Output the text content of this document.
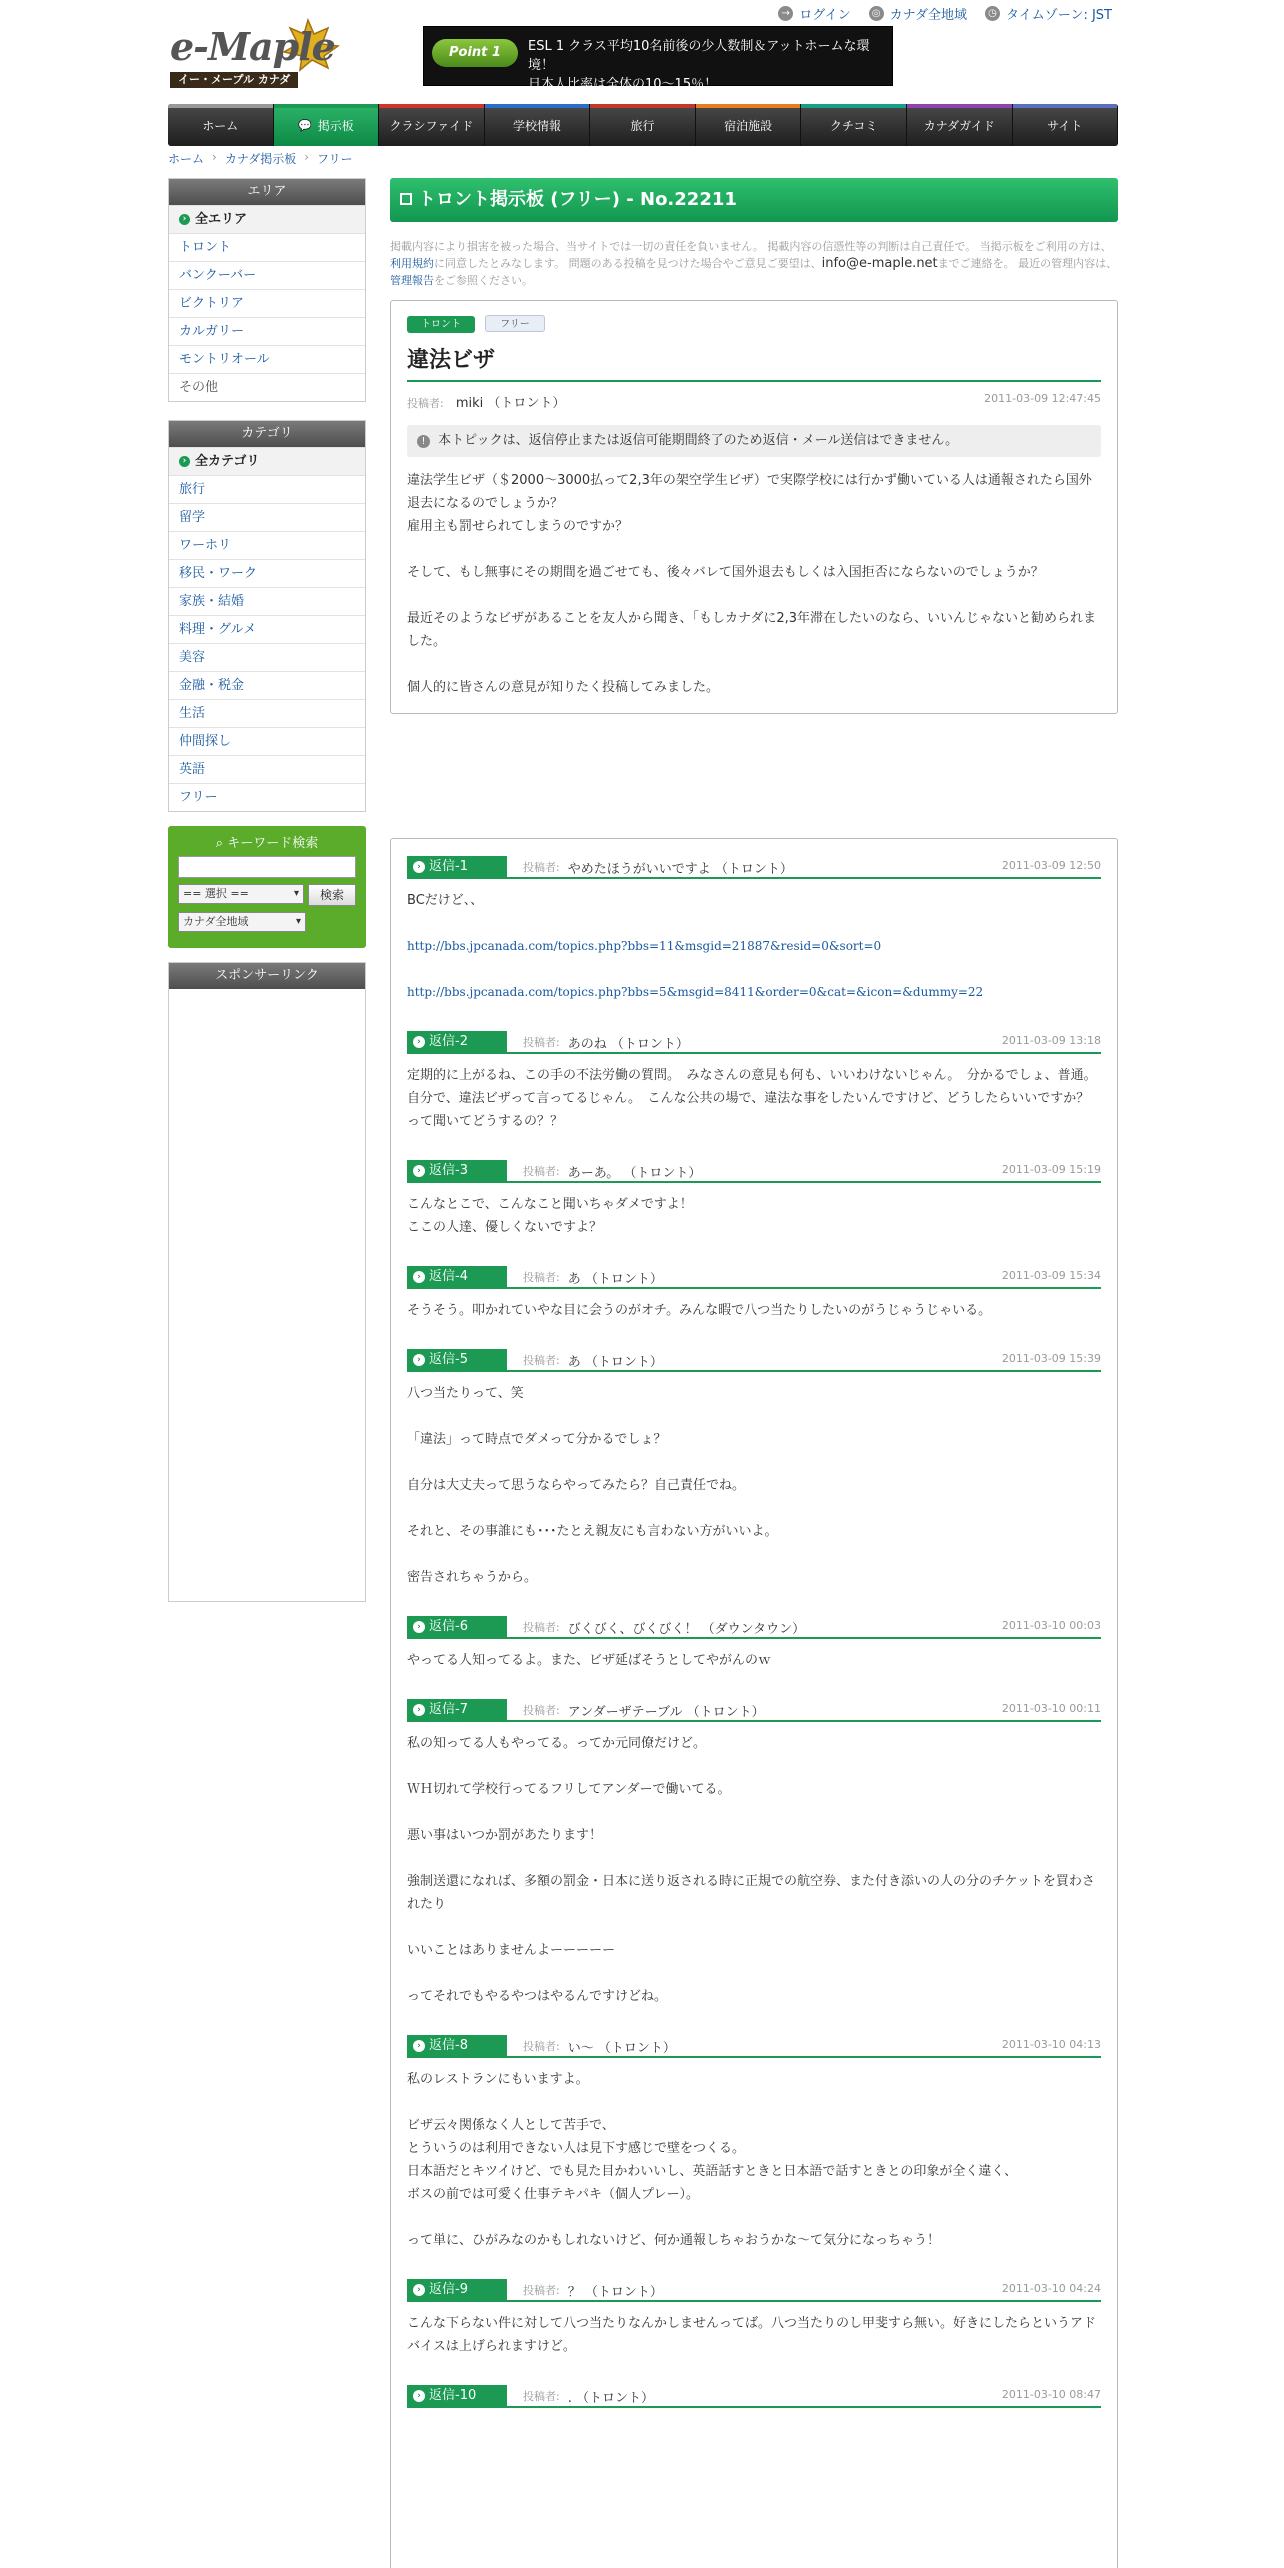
e-Maple
イー・メープル カナダ
→ ログイン	◎ カナダ全地域	◷ タイムゾーン: JST
Point 1	ESL 1 クラス平均10名前後の少人数制＆アットホームな環境！
日本人比率は全体の10～15％！
ホーム	💬 掲示板	クラシファイド	学校情報	旅行	宿泊施設	クチコミ	カナダガイド	サイト
ホーム › カナダ掲示板 › フリー
エリア
› 全エリア
トロント
バンクーバー
ビクトリア
カルガリー
モントリオール
その他
カテゴリ
› 全カテゴリ
旅行
留学
ワーホリ
移民・ワーク
家族・結婚
料理・グルメ
美容
金融・税金
生活
仲間探し
英語
フリー
⌕ キーワード検索
== 選択 == ▾	検索
カナダ全地域 ▾
スポンサーリンク
トロント掲示板 (フリー) - No.22211
掲載内容により損害を被った場合、当サイトでは一切の責任を負いません。 掲載内容の信憑性等の判断は自己責任で。 当掲示板をご利用の方は、
利用規約に同意したとみなします。 問題のある投稿を見つけた場合やご意見ご要望は、info@e-maple.netまでご連絡を。 最近の管理内容は、
管理報告をご参照ください。
トロント	フリー
違法ビザ
投稿者: miki （トロント）	2011-03-09 12:47:45
! 本トピックは、返信停止または返信可能期間終了のため返信・メール送信はできません。

違法学生ビザ（＄2000～3000払って2,3年の架空学生ビザ）で実際学校には行かず働いている人は通報されたら国外退去になるのでしょうか？
雇用主も罰せられてしまうのですか？

そして、もし無事にその期間を過ごせても、後々バレて国外退去もしくは入国拒否にならないのでしょうか？

最近そのようなビザがあることを友人から聞き、「もしカナダに2,3年滞在したいのなら、いいんじゃないと勧められました。

個人的に皆さんの意見が知りたく投稿してみました。

› 返信-1	投稿者: やめたほうがいいですよ （トロント）	2011-03-09 12:50
BCだけど、、
http://bbs.jpcanada.com/topics.php?bbs=11&msgid=21887&resid=0&sort=0
http://bbs.jpcanada.com/topics.php?bbs=5&msgid=8411&order=0&cat=&icon=&dummy=22
› 返信-2	投稿者: あのね （トロント）	2011-03-09 13:18
定期的に上がるね、この手の不法労働の質問。　みなさんの意見も何も、いいわけないじゃん。　分かるでしょ、普通。
自分で、違法ビザって言ってるじゃん。　こんな公共の場で、違法な事をしたいんですけど、どうしたらいいですか？って聞いてどうするの？？
› 返信-3	投稿者: あーあ。 （トロント）	2011-03-09 15:19
こんなとこで、こんなこと聞いちゃダメですよ！
ここの人達、優しくないですよ？
› 返信-4	投稿者: あ （トロント）	2011-03-09 15:34
そうそう。叩かれていやな目に会うのがオチ。みんな暇で八つ当たりしたいのがうじゃうじゃいる。
› 返信-5	投稿者: あ （トロント）	2011-03-09 15:39
八つ当たりって、笑
「違法」って時点でダメって分かるでしょ？
自分は大丈夫って思うならやってみたら？自己責任でね。
それと、その事誰にも･･･たとえ親友にも言わない方がいいよ。
密告されちゃうから。
› 返信-6	投稿者: びくびく、びくびく！ （ダウンタウン）	2011-03-10 00:03
やってる人知ってるよ。また、ビザ延ばそうとしてやがんのｗ
› 返信-7	投稿者: アンダーザテーブル （トロント）	2011-03-10 00:11
私の知ってる人もやってる。ってか元同僚だけど。
ＷＨ切れて学校行ってるフリしてアンダーで働いてる。
悪い事はいつか罰があたります！
強制送還になれば、多額の罰金・日本に送り返される時に正規での航空券、また付き添いの人の分のチケットを買わされたり
いいことはありませんよーーーーー
ってそれでもやるやつはやるんですけどね。
› 返信-8	投稿者: い～ （トロント）	2011-03-10 04:13
私のレストランにもいますよ。
ビザ云々関係なく人として苦手で、
とういうのは利用できない人は見下す感じで壁をつくる。
日本語だとキツイけど、でも見た目かわいいし、英語話すときと日本語で話すときとの印象が全く違く、
ボスの前では可愛く仕事テキパキ（個人プレー）。
って単に、ひがみなのかもしれないけど、何か通報しちゃおうかな～て気分になっちゃう！
› 返信-9	投稿者: ？ （トロント）	2011-03-10 04:24
こんな下らない件に対して八つ当たりなんかしませんってば。八つ当たりのし甲斐すら無い。好きにしたらというアドバイスは上げられますけど。
› 返信-10	投稿者: . （トロント）	2011-03-10 08:47
